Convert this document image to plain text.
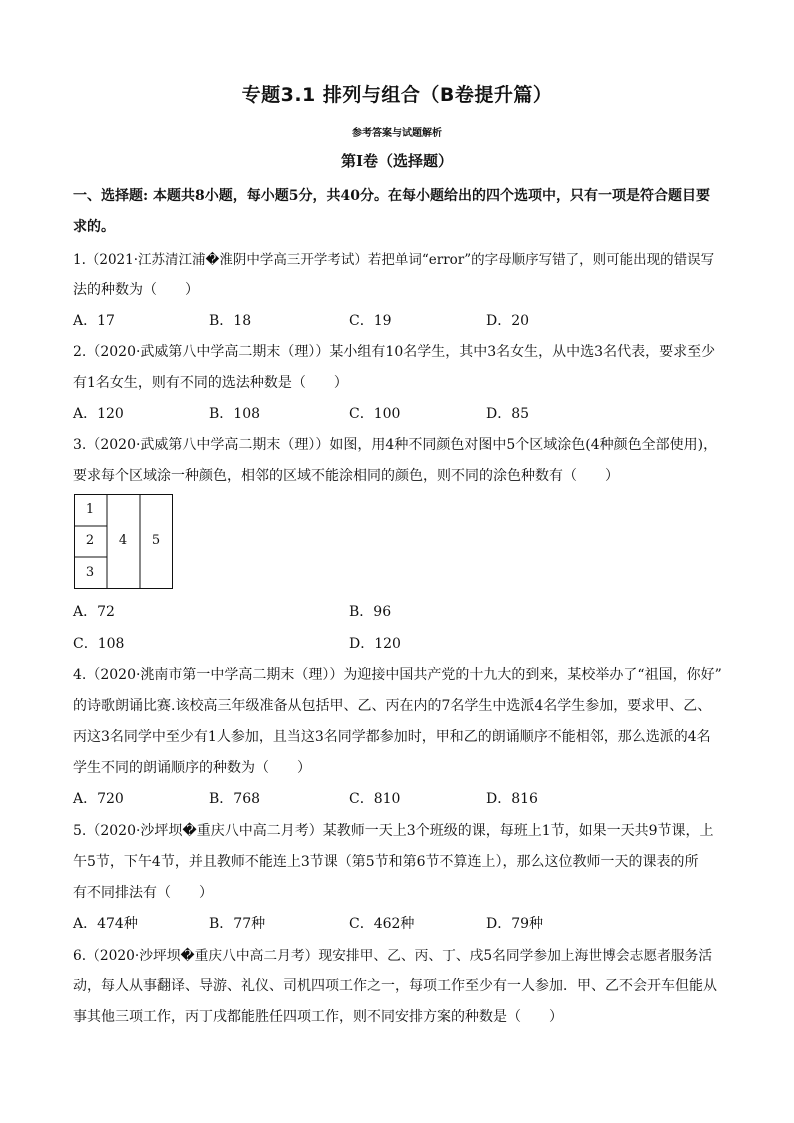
专题3.1 排列与组合（B卷提升篇）
参考答案与试题解析
第Ⅰ卷（选择题）
一、选择题: 本题共8小题，每小题5分，共40分。在每小题给出的四个选项中，只有一项是符合题目要
求的。
1.（2021·江苏清江浦�淮阴中学高三开学考试）若把单词“error”的字母顺序写错了，则可能出现的错误写
法的种数为（　　）
A．17	B．18	C．19	D．20
2.（2020·武威第八中学高二期末（理））某小组有10名学生，其中3名女生，从中选3名代表，要求至少
有1名女生，则有不同的选法种数是（　　）
A．120	B．108	C．100	D．85
3.（2020·武威第八中学高二期末（理））如图，用4种不同颜色对图中5个区域涂色(4种颜色全部使用)，
要求每个区域涂一种颜色，相邻的区域不能涂相同的颜色，则不同的涂色种数有（　　）
1
2
3
4 5
A．72	B．96
C．108	D．120
4.（2020·洮南市第一中学高二期末（理））为迎接中国共产党的十九大的到来，某校举办了“祖国，你好”
的诗歌朗诵比赛.该校高三年级准备从包括甲、乙、丙在内的7名学生中选派4名学生参加，要求甲、乙、
丙这3名同学中至少有1人参加，且当这3名同学都参加时，甲和乙的朗诵顺序不能相邻，那么选派的4名
学生不同的朗诵顺序的种数为（　　）
A．720	B．768	C．810	D．816
5.（2020·沙坪坝�重庆八中高二月考）某教师一天上3个班级的课，每班上1节，如果一天共9节课，上
午5节，下午4节，并且教师不能连上3节课（第5节和第6节不算连上），那么这位教师一天的课表的所
有不同排法有（　　）
A．474种	B．77种	C．462种	D．79种
6.（2020·沙坪坝�重庆八中高二月考）现安排甲、乙、丙、丁、戌5名同学参加上海世博会志愿者服务活
动，每人从事翻译、导游、礼仪、司机四项工作之一，每项工作至少有一人参加．甲、乙不会开车但能从
事其他三项工作，丙丁戌都能胜任四项工作，则不同安排方案的种数是（　　）
